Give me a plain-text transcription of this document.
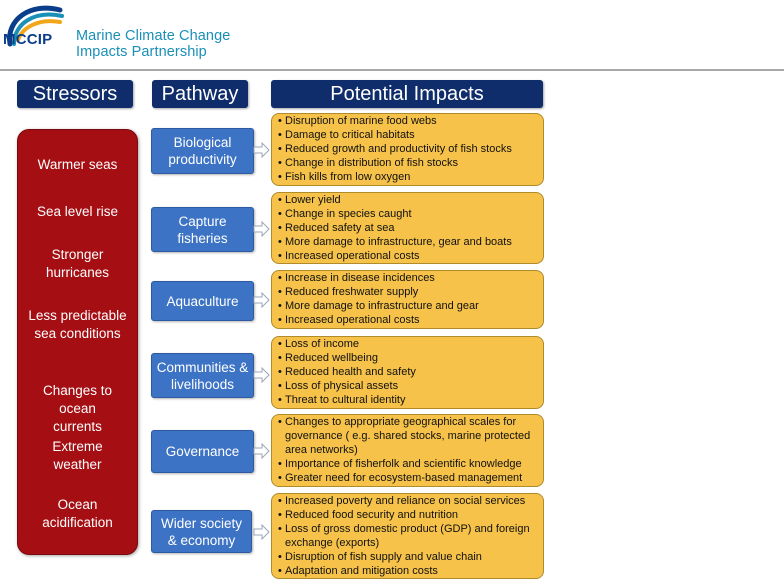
MCCIP Marine Climate Change
Impacts Partnership
Stressors	Pathway	Potential Impacts
Warmer seas
Sea level rise
Stronger hurricanes
Less predictable sea conditions
Changes to ocean currents
Extreme weather
Ocean acidification
Biological productivity
Capture fisheries
Aquaculture
Communities & livelihoods
Governance
Wider society & economy
• Disruption of marine food webs
• Damage to critical habitats
• Reduced growth and productivity of fish stocks
• Change in distribution of fish stocks
• Fish kills from low oxygen
• Lower yield
• Change in species caught
• Reduced safety at sea
• More damage to infrastructure, gear and boats
• Increased operational costs
• Increase in disease incidences
• Reduced freshwater supply
• More damage to infrastructure and gear
• Increased operational costs
• Loss of income
• Reduced wellbeing
• Reduced health and safety
• Loss of physical assets
• Threat to cultural identity
• Changes to appropriate geographical scales for governance ( e.g. shared stocks, marine protected area networks)
• Importance of fisherfolk and scientific knowledge
• Greater need for ecosystem-based management
• Increased poverty and reliance on social services
• Reduced food security and nutrition
• Loss of gross domestic product (GDP) and foreign exchange (exports)
• Disruption of fish supply and value chain
• Adaptation and mitigation costs
